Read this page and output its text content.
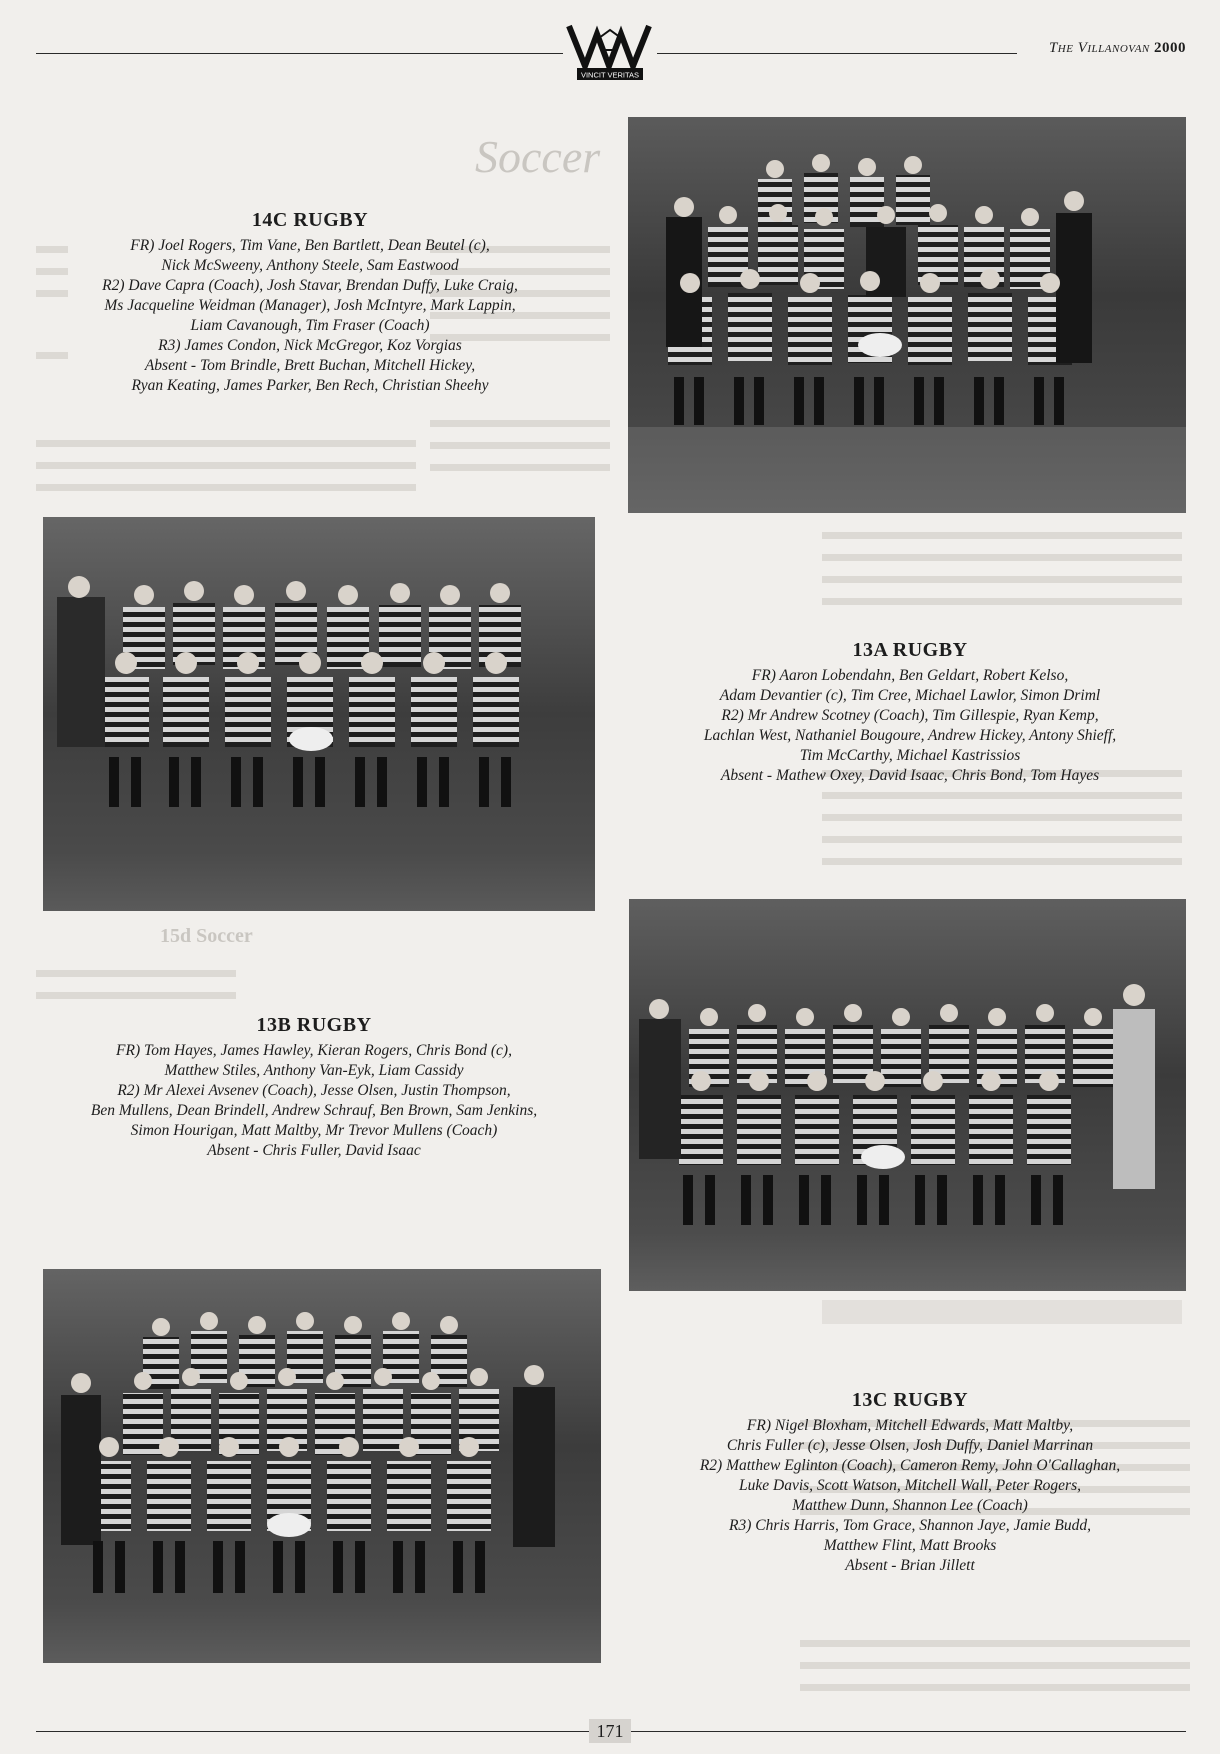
VINCIT VERITAS
The Villanovan 2000
Soccer
15d Soccer
14C RUGBY

FR) Joel Rogers, Tim Vane, Ben Bartlett, Dean Beutel (c),

Nick McSweeny, Anthony Steele, Sam Eastwood

R2) Dave Capra (Coach), Josh Stavar, Brendan Duffy, Luke Craig,

Ms Jacqueline Weidman (Manager), Josh McIntyre, Mark Lappin,

Liam Cavanough, Tim Fraser (Coach)

R3) James Condon, Nick McGregor, Koz Vorgias

Absent - Tom Brindle, Brett Buchan, Mitchell Hickey,

Ryan Keating, James Parker, Ben Rech, Christian Sheehy

13A RUGBY

FR) Aaron Lobendahn, Ben Geldart, Robert Kelso,

Adam Devantier (c), Tim Cree, Michael Lawlor, Simon Driml

R2) Mr Andrew Scotney (Coach), Tim Gillespie, Ryan Kemp,

Lachlan West, Nathaniel Bougoure, Andrew Hickey, Antony Shieff,

Tim McCarthy, Michael Kastrissios

Absent - Mathew Oxey, David Isaac, Chris Bond, Tom Hayes

13B RUGBY

FR) Tom Hayes, James Hawley, Kieran Rogers, Chris Bond (c),

Matthew Stiles, Anthony Van-Eyk, Liam Cassidy

R2) Mr Alexei Avsenev (Coach), Jesse Olsen, Justin Thompson,

Ben Mullens, Dean Brindell, Andrew Schrauf, Ben Brown, Sam Jenkins,

Simon Hourigan, Matt Maltby, Mr Trevor Mullens (Coach)

Absent - Chris Fuller, David Isaac

13C RUGBY

FR) Nigel Bloxham, Mitchell Edwards, Matt Maltby,

Chris Fuller (c), Jesse Olsen, Josh Duffy, Daniel Marrinan

R2) Matthew Eglinton (Coach), Cameron Remy, John O'Callaghan,

Luke Davis, Scott Watson, Mitchell Wall, Peter Rogers,

Matthew Dunn, Shannon Lee (Coach)

R3) Chris Harris, Tom Grace, Shannon Jaye, Jamie Budd,

Matthew Flint, Matt Brooks

Absent - Brian Jillett

171
